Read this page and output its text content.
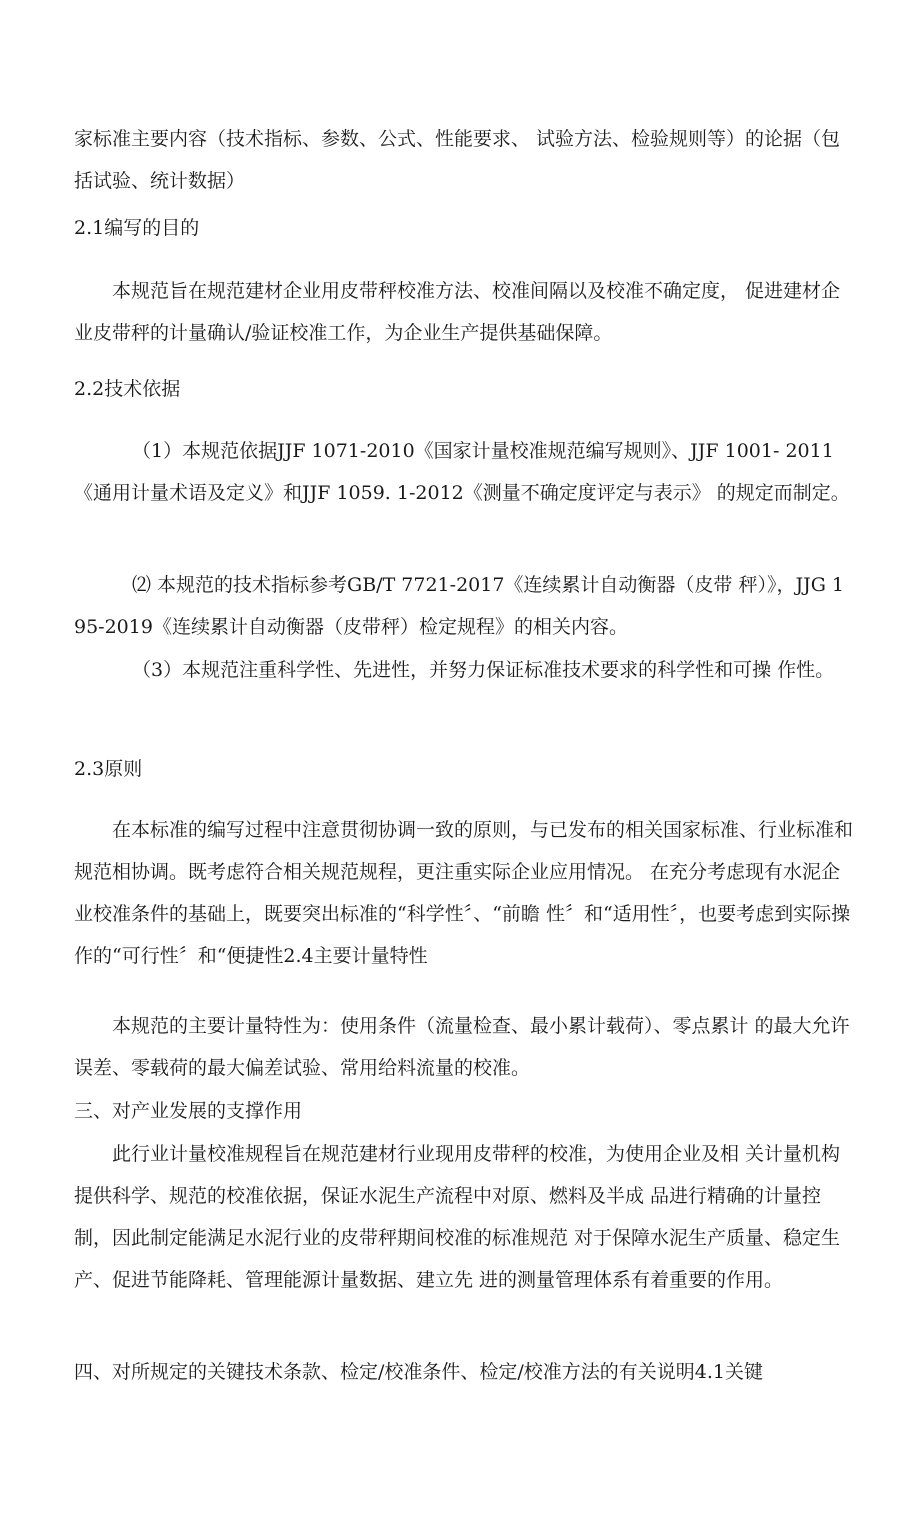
家标准主要内容（技术指标、参数、公式、性能要求、 试验方法、检验规则等）的论据（包括试验、统计数据）

2.1编写的目的

本规范旨在规范建材企业用皮带秤校准方法、校准间隔以及校准不确定度， 促进建材企业皮带秤的计量确认/验证校准工作，为企业生产提供基础保障。

2.2技术依据

（1）本规范依据JJF 1071-2010《国家计量校准规范编写规则》、JJF 1001- 2011《通用计量术语及定义》和JJF 1059. 1-2012《测量不确定度评定与表示》 的规定而制定。

⑵ 本规范的技术指标参考GB/T 7721-2017《连续累计自动衡器（皮带 秤）》，JJG 195-2019《连续累计自动衡器（皮带秤）检定规程》的相关内容。

（3）本规范注重科学性、先进性，并努力保证标准技术要求的科学性和可操 作性。

2.3原则

在本标准的编写过程中注意贯彻协调一致的原则，与已发布的相关国家标准、行业标准和规范相协调。既考虑符合相关规范规程，更注重实际企业应用情况。 在充分考虑现有水泥企业校准条件的基础上，既要突出标准的“科学性〞、“前瞻 性〞和“适用性〞，也要考虑到实际操作的“可行性〞和“便捷性2.4主要计量特性

本规范的主要计量特性为：使用条件（流量检查、最小累计载荷）、零点累计 的最大允许误差、零载荷的最大偏差试验、常用给料流量的校准。

三、对产业发展的支撑作用

此行业计量校准规程旨在规范建材行业现用皮带秤的校准，为使用企业及相 关计量机构提供科学、规范的校准依据，保证水泥生产流程中对原、燃料及半成 品进行精确的计量控制，因此制定能满足水泥行业的皮带秤期间校准的标准规范 对于保障水泥生产质量、稳定生产、促进节能降耗、管理能源计量数据、建立先 进的测量管理体系有着重要的作用。

四、对所规定的关键技术条款、检定/校准条件、检定/校准方法的有关说明4.1关键
